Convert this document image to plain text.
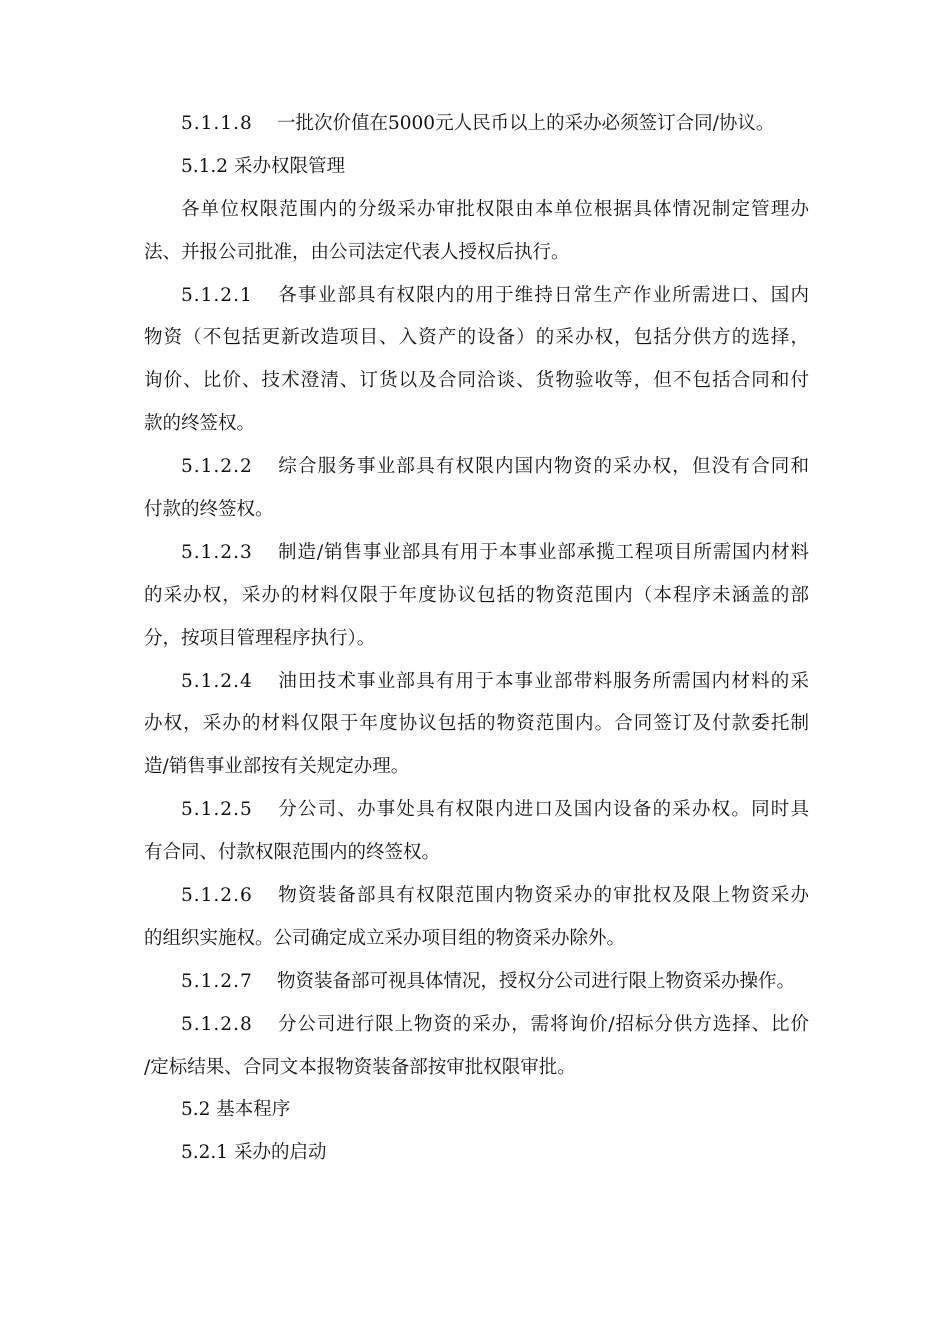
5.1.1.8 一批次价值在5000元人民币以上的采办必须签订合同/协议。
5.1.2 采办权限管理
各单位权限范围内的分级采办审批权限由本单位根据具体情况制定管理办
法、并报公司批准，由公司法定代表人授权后执行。
5.1.2.1 各事业部具有权限内的用于维持日常生产作业所需进口、国内
物资（不包括更新改造项目、入资产的设备）的采办权，包括分供方的选择，
询价、比价、技术澄清、订货以及合同洽谈、货物验收等，但不包括合同和付
款的终签权。
5.1.2.2 综合服务事业部具有权限内国内物资的采办权，但没有合同和
付款的终签权。
5.1.2.3 制造/销售事业部具有用于本事业部承揽工程项目所需国内材料
的采办权，采办的材料仅限于年度协议包括的物资范围内（本程序未涵盖的部
分，按项目管理程序执行）。
5.1.2.4 油田技术事业部具有用于本事业部带料服务所需国内材料的采
办权，采办的材料仅限于年度协议包括的物资范围内。合同签订及付款委托制
造/销售事业部按有关规定办理。
5.1.2.5 分公司、办事处具有权限内进口及国内设备的采办权。同时具
有合同、付款权限范围内的终签权。
5.1.2.6 物资装备部具有权限范围内物资采办的审批权及限上物资采办
的组织实施权。公司确定成立采办项目组的物资采办除外。
5.1.2.7 物资装备部可视具体情况，授权分公司进行限上物资采办操作。
5.1.2.8 分公司进行限上物资的采办，需将询价/招标分供方选择、比价
/定标结果、合同文本报物资装备部按审批权限审批。
5.2 基本程序
5.2.1 采办的启动
